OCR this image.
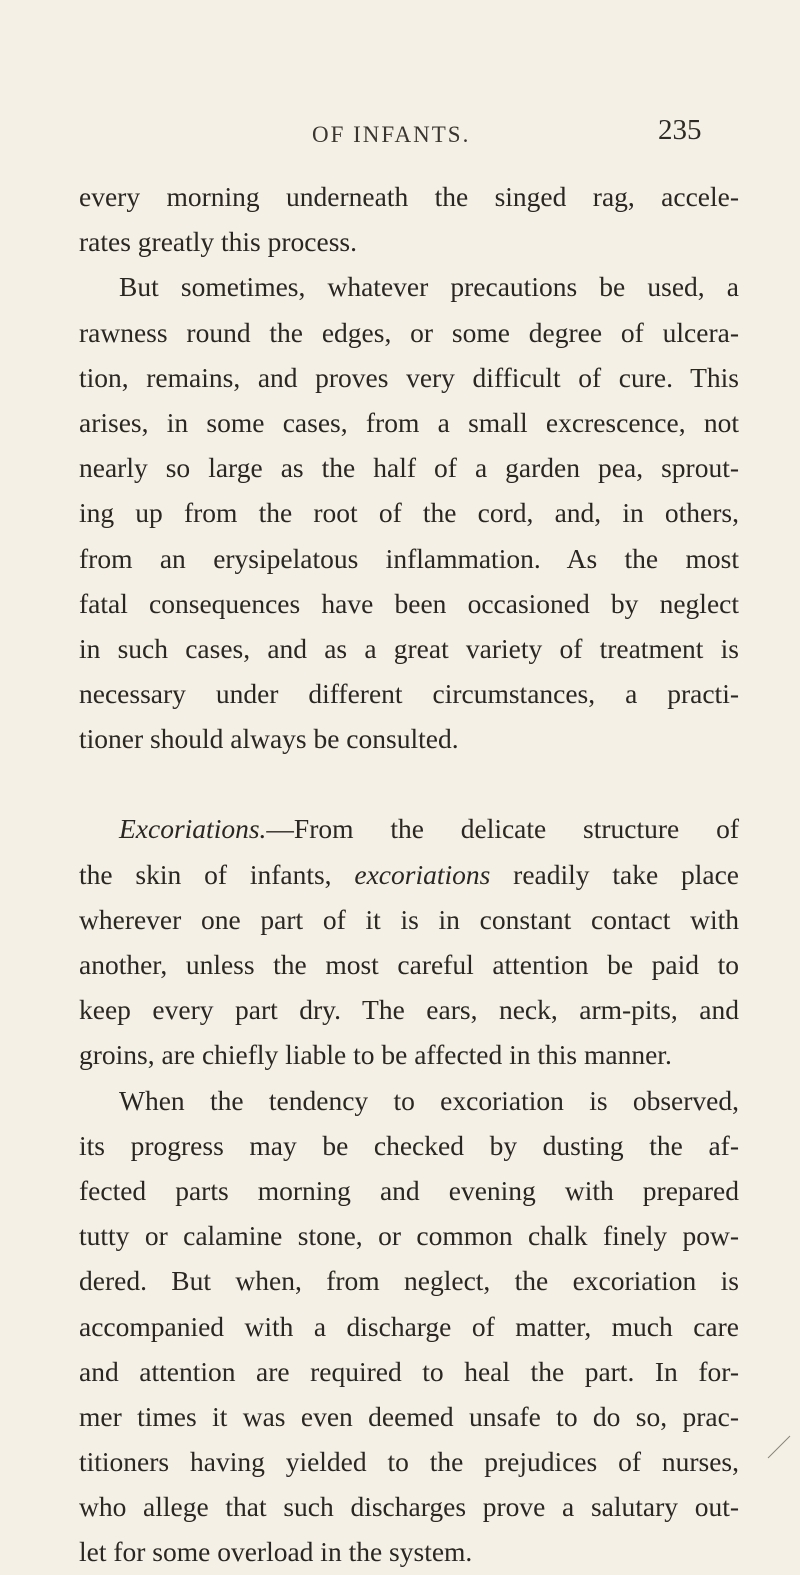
OF INFANTS.	235
every morning underneath the singed rag, accele-
rates greatly this process.
But sometimes, whatever precautions be used, a
rawness round the edges, or some degree of ulcera-
tion, remains, and proves very difficult of cure. This
arises, in some cases, from a small excrescence, not
nearly so large as the half of a garden pea, sprout-
ing up from the root of the cord, and, in others,
from an erysipelatous inflammation. As the most
fatal consequences have been occasioned by neglect
in such cases, and as a great variety of treatment is
necessary under different circumstances, a practi-
tioner should always be consulted.
Excoriations.—From the delicate structure of
the skin of infants, excoriations readily take place
wherever one part of it is in constant contact with
another, unless the most careful attention be paid to
keep every part dry. The ears, neck, arm-pits, and
groins, are chiefly liable to be affected in this manner.
When the tendency to excoriation is observed,
its progress may be checked by dusting the af-
fected parts morning and evening with prepared
tutty or calamine stone, or common chalk finely pow-
dered. But when, from neglect, the excoriation is
accompanied with a discharge of matter, much care
and attention are required to heal the part. In for-
mer times it was even deemed unsafe to do so, prac-
titioners having yielded to the prejudices of nurses,
who allege that such discharges prove a salutary out-
let for some overload in the system.
